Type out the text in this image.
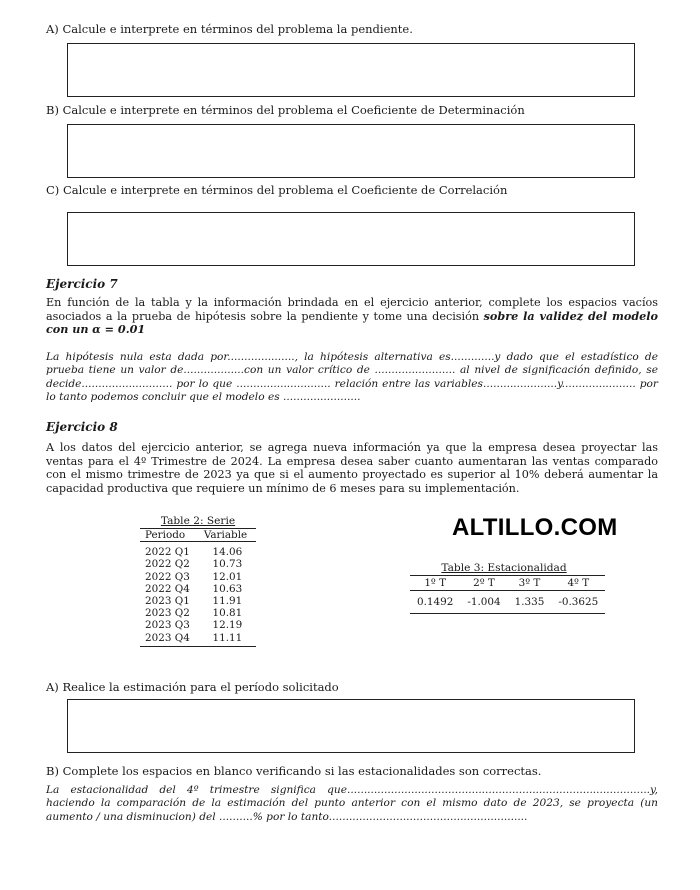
A) Calcule e interprete en términos del problema la pendiente.
B) Calcule e interprete en términos del problema el Coeficiente de Determinación
C) Calcule e interprete en términos del problema el Coeficiente de Correlación
Ejercicio 7
En función de la tabla y la información brindada en el ejercicio anterior, complete los espacios vacíos asociados a la prueba de hipótesis sobre la pendiente y tome una decisión sobre la validez del modelo con un α = 0.01
La hipótesis nula esta dada por...................., la hipótesis alternativa es.............y dado que el estadístico de prueba tiene un valor de..................con un valor crítico de ........................ al nivel de significación definido, se decide........................... por lo que ............................ relación entre las variables......................y...................... por lo tanto podemos concluir que el modelo es .......................
Ejercicio 8
A los datos del ejercicio anterior, se agrega nueva información ya que la empresa desea proyectar las ventas para el 4º Trimestre de 2024. La empresa desea saber cuanto aumentaran las ventas comparado con el mismo trimestre de 2023 ya que si el aumento proyectado es superior al 10% deberá aumentar la capacidad productiva que requiere un mínimo de 6 meses para su implementación.
Table 2: Serie
Periodo	Variable
2022 Q1	14.06
2022 Q2	10.73
2022 Q3	12.01
2022 Q4	10.63
2023 Q1	11.91
2023 Q2	10.81
2023 Q3	12.19
2023 Q4	11.11
ALTILLO.COM
Table 3: Estacionalidad
1º T	2º T	3º T	4º T
0.1492	-1.004	1.335	-0.3625
A) Realice la estimación para el período solicitado
B) Complete los espacios en blanco verificando si las estacionalidades son correctas.
La estacionalidad del 4º trimestre significa que..........................................................................................y, haciendo la comparación de la estimación del punto anterior con el mismo dato de 2023, se proyecta (un aumento / una disminucion) del ..........% por lo tanto...........................................................
